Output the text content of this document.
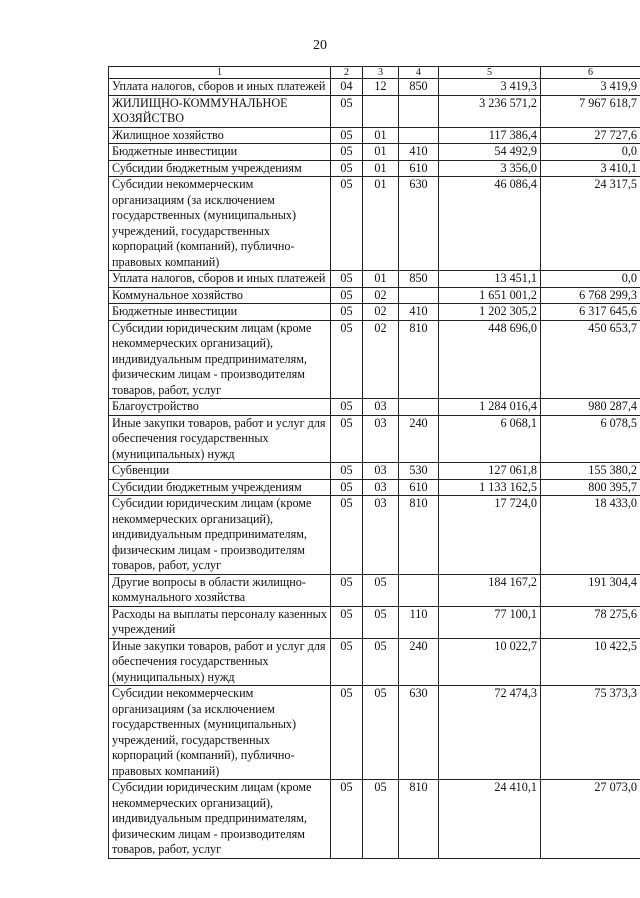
20
1	2	3	4	5	6
Уплата налогов, сборов и иных платежей	04	12	850	3 419,3	3 419,9
ЖИЛИЩНО-КОММУНАЛЬНОЕ ХОЗЯЙСТВО	05			3 236 571,2	7 967 618,7
Жилищное хозяйство	05	01		117 386,4	27 727,6
Бюджетные инвестиции	05	01	410	54 492,9	0,0
Субсидии бюджетным учреждениям	05	01	610	3 356,0	3 410,1
Субсидии некоммерческим организациям (за исключением государственных (муниципальных) учреждений, государственных корпораций (компаний), публично-правовых компаний)	05	01	630	46 086,4	24 317,5
Уплата налогов, сборов и иных платежей	05	01	850	13 451,1	0,0
Коммунальное хозяйство	05	02		1 651 001,2	6 768 299,3
Бюджетные инвестиции	05	02	410	1 202 305,2	6 317 645,6
Субсидии юридическим лицам (кроме некоммерческих организаций), индивидуальным предпринимателям, физическим лицам - производителям товаров, работ, услуг	05	02	810	448 696,0	450 653,7
Благоустройство	05	03		1 284 016,4	980 287,4
Иные закупки товаров, работ и услуг для обеспечения государственных (муниципальных) нужд	05	03	240	6 068,1	6 078,5
Субвенции	05	03	530	127 061,8	155 380,2
Субсидии бюджетным учреждениям	05	03	610	1 133 162,5	800 395,7
Субсидии юридическим лицам (кроме некоммерческих организаций), индивидуальным предпринимателям, физическим лицам - производителям товаров, работ, услуг	05	03	810	17 724,0	18 433,0
Другие вопросы в области жилищно-коммунального хозяйства	05	05		184 167,2	191 304,4
Расходы на выплаты персоналу казенных учреждений	05	05	110	77 100,1	78 275,6
Иные закупки товаров, работ и услуг для обеспечения государственных (муниципальных) нужд	05	05	240	10 022,7	10 422,5
Субсидии некоммерческим организациям (за исключением государственных (муниципальных) учреждений, государственных корпораций (компаний), публично-правовых компаний)	05	05	630	72 474,3	75 373,3
Субсидии юридическим лицам (кроме некоммерческих организаций), индивидуальным предпринимателям, физическим лицам - производителям товаров, работ, услуг	05	05	810	24 410,1	27 073,0
